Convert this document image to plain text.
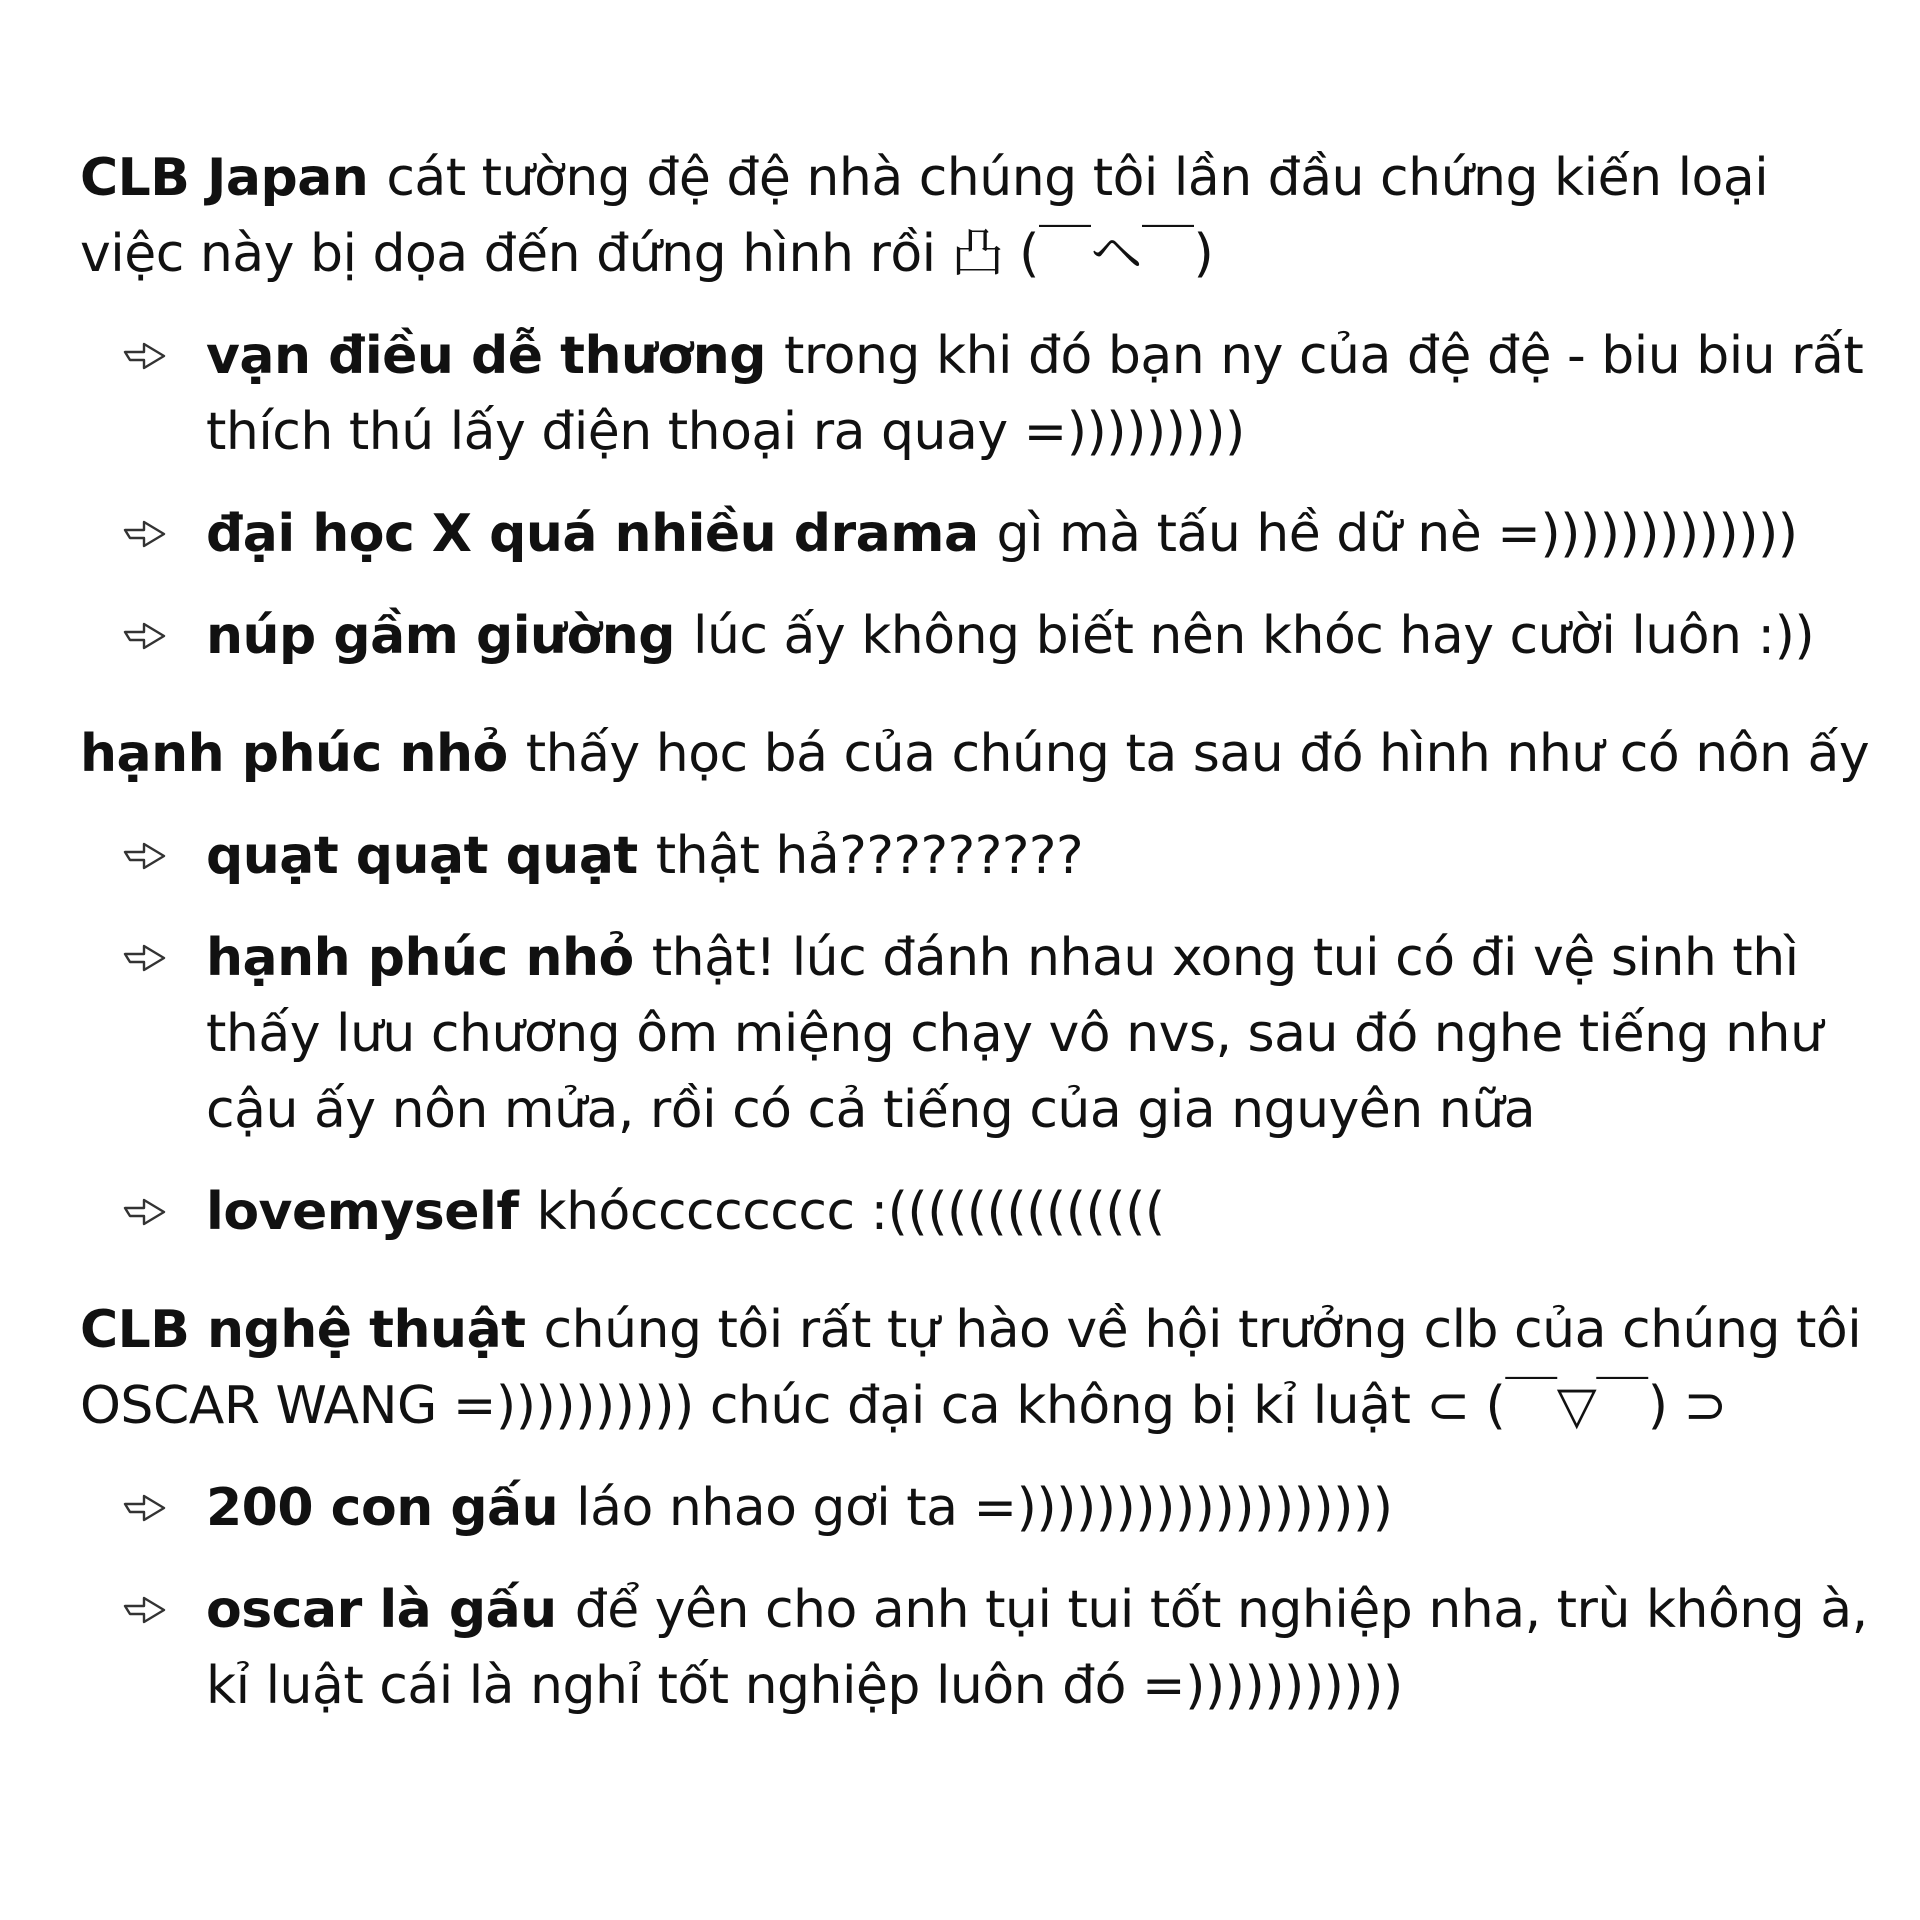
CLB Japan cát tường đệ đệ nhà chúng tôi lần đầu chứng kiến loại việc này bị dọa đến đứng hình rồi 凸 (￣ヘ￣)
vạn điều dễ thương trong khi đó bạn ny của đệ đệ - biu biu rất thích thú lấy điện thoại ra quay =)))))))))
đại học X quá nhiều drama gì mà tấu hề dữ nè =)))))))))))))
núp gầm giường lúc ấy không biết nên khóc hay cười luôn :))
hạnh phúc nhỏ thấy học bá của chúng ta sau đó hình như có nôn ấy
quạt quạt quạt thật hả?????????
hạnh phúc nhỏ thật! lúc đánh nhau xong tui có đi vệ sinh thì thấy lưu chương ôm miệng chạy vô nvs, sau đó nghe tiếng như cậu ấy nôn mửa, rồi có cả tiếng của gia nguyên nữa
lovemyself khócccccccc :((((((((((((((
CLB nghệ thuật chúng tôi rất tự hào về hội trưởng clb của chúng tôi OSCAR WANG =)))))))))) chúc đại ca không bị kỉ luật ⊂ (￣▽￣) ⊃
200 con gấu láo nhao gơi ta =)))))))))))))))))))
oscar là gấu để yên cho anh tụi tui tốt nghiệp nha, trù không à, kỉ luật cái là nghỉ tốt nghiệp luôn đó =)))))))))))
